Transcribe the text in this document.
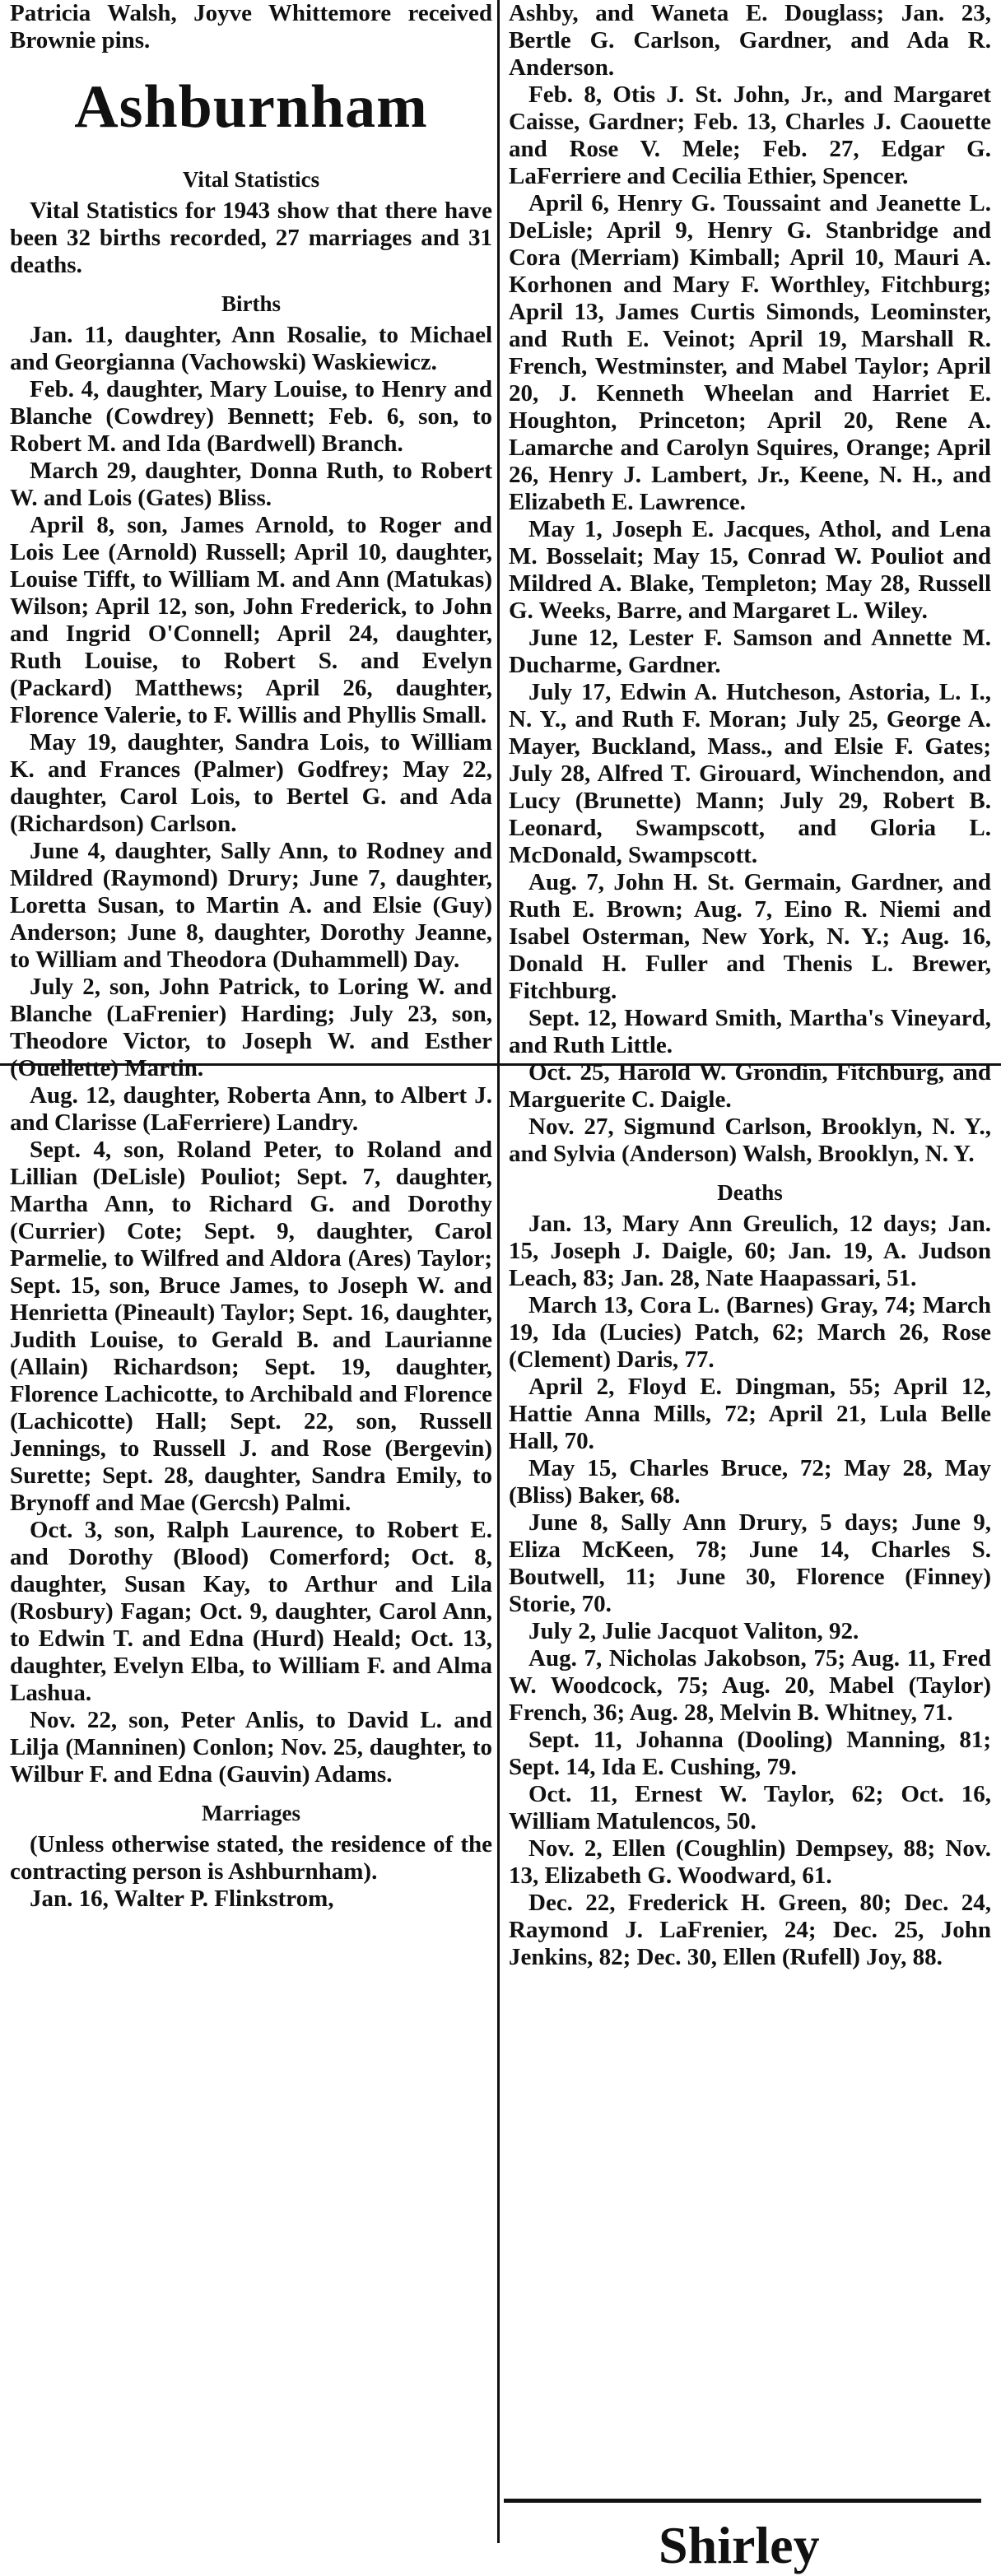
Patricia Walsh, Joyve Whittemore received Brownie pins.

Ashburnham
Vital Statistics

Vital Statistics for 1943 show that there have been 32 births recorded, 27 marriages and 31 deaths.

Births

Jan. 11, daughter, Ann Rosalie, to Michael and Georgianna (Vachowski) Waskiewicz.

Feb. 4, daughter, Mary Louise, to Henry and Blanche (Cowdrey) Bennett; Feb. 6, son, to Robert M. and Ida (Bardwell) Branch.

March 29, daughter, Donna Ruth, to Robert W. and Lois (Gates) Bliss.

April 8, son, James Arnold, to Roger and Lois Lee (Arnold) Russell; April 10, daughter, Louise Tifft, to William M. and Ann (Matukas) Wilson; April 12, son, John Frederick, to John and Ingrid O'Connell; April 24, daughter, Ruth Louise, to Robert S. and Evelyn (Packard) Matthews; April 26, daughter, Florence Valerie, to F. Willis and Phyllis Small.

May 19, daughter, Sandra Lois, to William K. and Frances (Palmer) Godfrey; May 22, daughter, Carol Lois, to Bertel G. and Ada (Richardson) Carlson.

June 4, daughter, Sally Ann, to Rodney and Mildred (Raymond) Drury; June 7, daughter, Loretta Susan, to Martin A. and Elsie (Guy) Anderson; June 8, daughter, Dorothy Jeanne, to William and Theodora (Duhammell) Day.

July 2, son, John Patrick, to Loring W. and Blanche (LaFrenier) Harding; July 23, son, Theodore Victor, to Joseph W. and Esther (Ouellette) Martin.

Aug. 12, daughter, Roberta Ann, to Albert J. and Clarisse (LaFerriere) Landry.

Sept. 4, son, Roland Peter, to Roland and Lillian (DeLisle) Pouliot; Sept. 7, daughter, Martha Ann, to Richard G. and Dorothy (Currier) Cote; Sept. 9, daughter, Carol Parmelie, to Wilfred and Aldora (Ares) Taylor; Sept. 15, son, Bruce James, to Joseph W. and Henrietta (Pineault) Taylor; Sept. 16, daughter, Judith Louise, to Gerald B. and Laurianne (Allain) Richardson; Sept. 19, daughter, Florence Lachicotte, to Archibald and Florence (Lachicotte) Hall; Sept. 22, son, Russell Jennings, to Russell J. and Rose (Bergevin) Surette; Sept. 28, daughter, Sandra Emily, to Brynoff and Mae (Gercsh) Palmi.

Oct. 3, son, Ralph Laurence, to Robert E. and Dorothy (Blood) Comerford; Oct. 8, daughter, Susan Kay, to Arthur and Lila (Rosbury) Fagan; Oct. 9, daughter, Carol Ann, to Edwin T. and Edna (Hurd) Heald; Oct. 13, daughter, Evelyn Elba, to William F. and Alma Lashua.

Nov. 22, son, Peter Anlis, to David L. and Lilja (Manninen) Conlon; Nov. 25, daughter, to Wilbur F. and Edna (Gauvin) Adams.

Marriages

(Unless otherwise stated, the residence of the contracting person is Ashburnham).

Jan. 16, Walter P. Flinkstrom,

Ashby, and Waneta E. Douglass; Jan. 23, Bertle G. Carlson, Gardner, and Ada R. Anderson.

Feb. 8, Otis J. St. John, Jr., and Margaret Caisse, Gardner; Feb. 13, Charles J. Caouette and Rose V. Mele; Feb. 27, Edgar G. LaFerriere and Cecilia Ethier, Spencer.

April 6, Henry G. Toussaint and Jeanette L. DeLisle; April 9, Henry G. Stanbridge and Cora (Merriam) Kimball; April 10, Mauri A. Korhonen and Mary F. Worthley, Fitchburg; April 13, James Curtis Simonds, Leominster, and Ruth E. Veinot; April 19, Marshall R. French, Westminster, and Mabel Taylor; April 20, J. Kenneth Wheelan and Harriet E. Houghton, Princeton; April 20, Rene A. Lamarche and Carolyn Squires, Orange; April 26, Henry J. Lambert, Jr., Keene, N. H., and Elizabeth E. Lawrence.

May 1, Joseph E. Jacques, Athol, and Lena M. Bosselait; May 15, Conrad W. Pouliot and Mildred A. Blake, Templeton; May 28, Russell G. Weeks, Barre, and Margaret L. Wiley.

June 12, Lester F. Samson and Annette M. Ducharme, Gardner.

July 17, Edwin A. Hutcheson, Astoria, L. I., N. Y., and Ruth F. Moran; July 25, George A. Mayer, Buckland, Mass., and Elsie F. Gates; July 28, Alfred T. Girouard, Winchendon, and Lucy (Brunette) Mann; July 29, Robert B. Leonard, Swampscott, and Gloria L. McDonald, Swampscott.

Aug. 7, John H. St. Germain, Gardner, and Ruth E. Brown; Aug. 7, Eino R. Niemi and Isabel Osterman, New York, N. Y.; Aug. 16, Donald H. Fuller and Thenis L. Brewer, Fitchburg.

Sept. 12, Howard Smith, Martha's Vineyard, and Ruth Little.

Oct. 25, Harold W. Grondin, Fitchburg, and Marguerite C. Daigle.

Nov. 27, Sigmund Carlson, Brooklyn, N. Y., and Sylvia (Anderson) Walsh, Brooklyn, N. Y.

Deaths

Jan. 13, Mary Ann Greulich, 12 days; Jan. 15, Joseph J. Daigle, 60; Jan. 19, A. Judson Leach, 83; Jan. 28, Nate Haapassari, 51.

March 13, Cora L. (Barnes) Gray, 74; March 19, Ida (Lucies) Patch, 62; March 26, Rose (Clement) Daris, 77.

April 2, Floyd E. Dingman, 55; April 12, Hattie Anna Mills, 72; April 21, Lula Belle Hall, 70.

May 15, Charles Bruce, 72; May 28, May (Bliss) Baker, 68.

June 8, Sally Ann Drury, 5 days; June 9, Eliza McKeen, 78; June 14, Charles S. Boutwell, 11; June 30, Florence (Finney) Storie, 70.

July 2, Julie Jacquot Valiton, 92.

Aug. 7, Nicholas Jakobson, 75; Aug. 11, Fred W. Woodcock, 75; Aug. 20, Mabel (Taylor) French, 36; Aug. 28, Melvin B. Whitney, 71.

Sept. 11, Johanna (Dooling) Manning, 81; Sept. 14, Ida E. Cushing, 79.

Oct. 11, Ernest W. Taylor, 62; Oct. 16, William Matulencos, 50.

Nov. 2, Ellen (Coughlin) Dempsey, 88; Nov. 13, Elizabeth G. Woodward, 61.

Dec. 22, Frederick H. Green, 80; Dec. 24, Raymond J. LaFrenier, 24; Dec. 25, John Jenkins, 82; Dec. 30, Ellen (Rufell) Joy, 88.

Shirley
